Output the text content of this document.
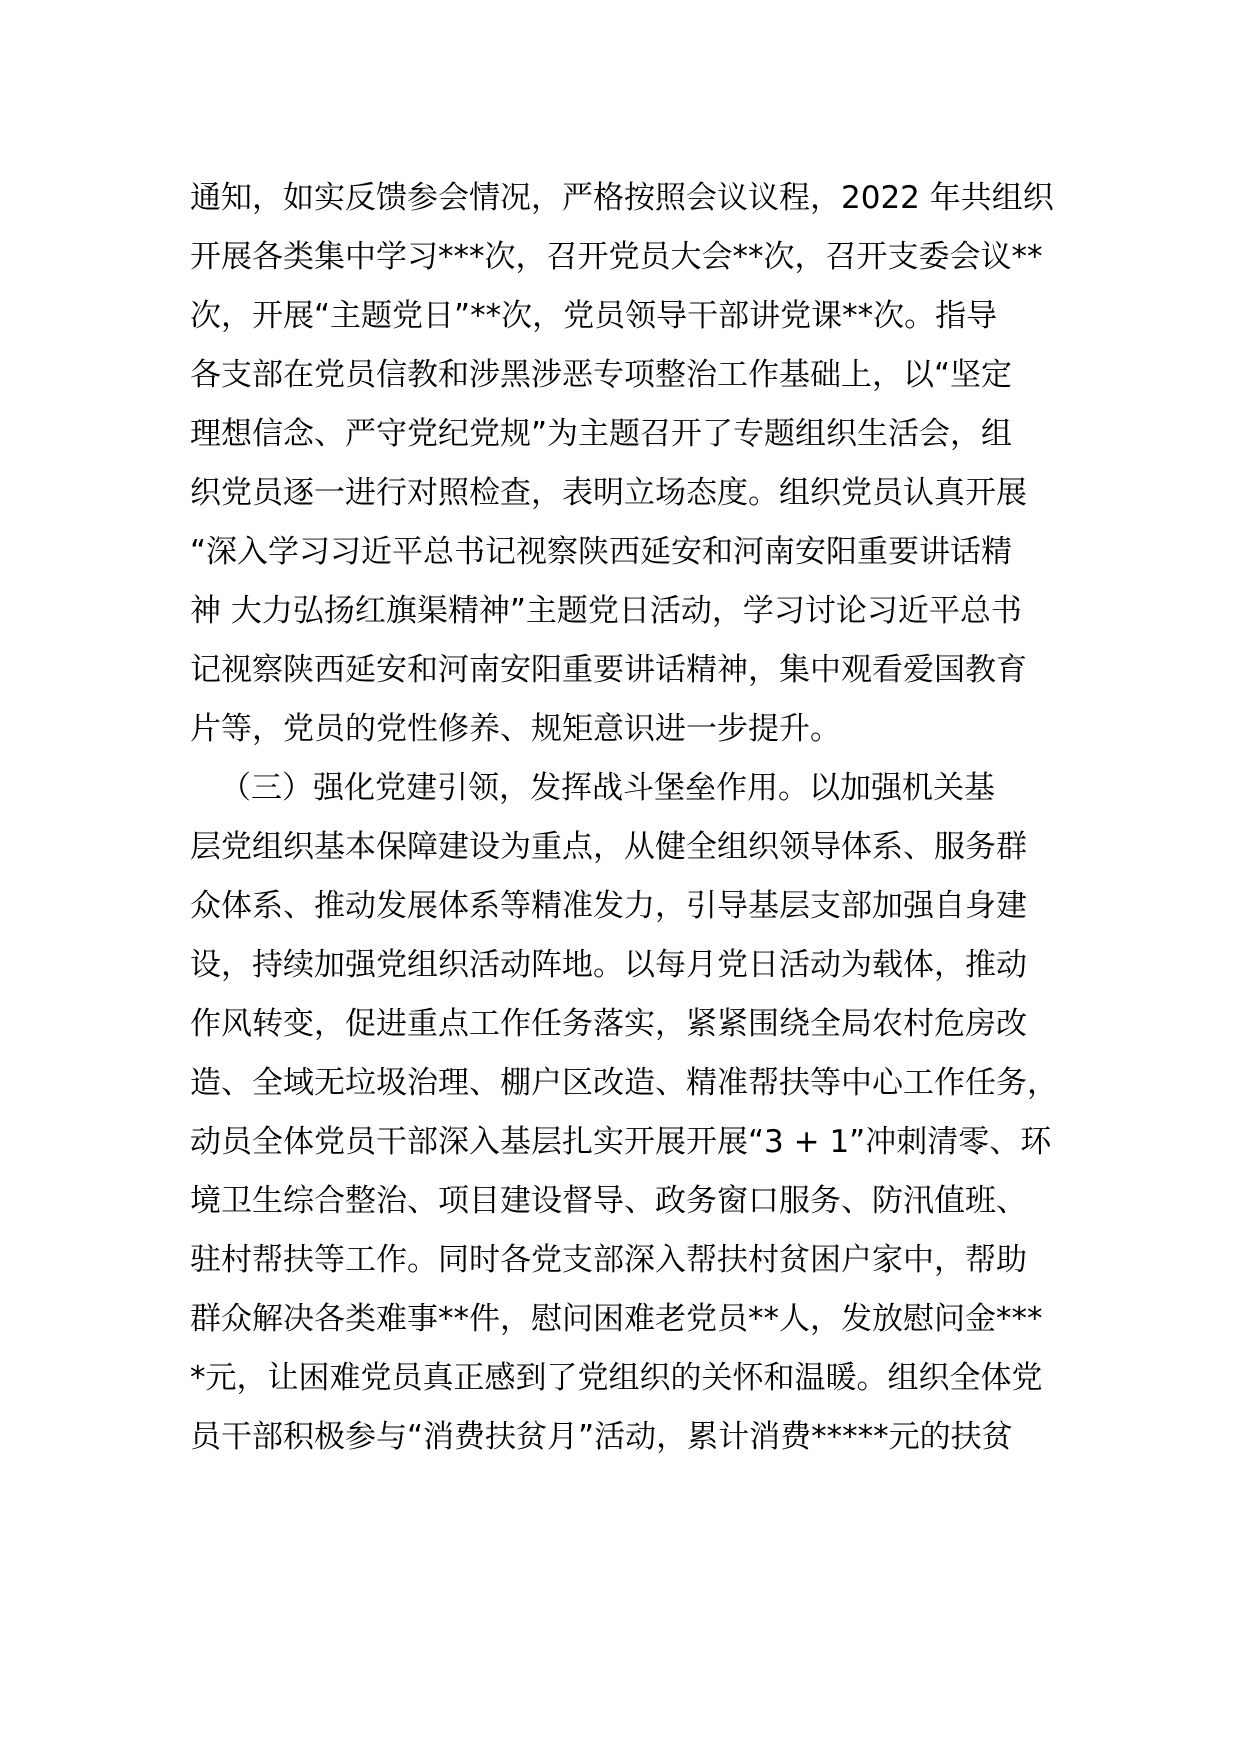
通知，如实反馈参会情况，严格按照会议议程，2022 年共组织
开展各类集中学习***次，召开党员大会**次，召开支委会议**
次，开展“主题党日”**次，党员领导干部讲党课**次。指导
各支部在党员信教和涉黑涉恶专项整治工作基础上，以“坚定
理想信念、严守党纪党规”为主题召开了专题组织生活会，组
织党员逐一进行对照检查，表明立场态度。组织党员认真开展
“深入学习习近平总书记视察陕西延安和河南安阳重要讲话精
神 大力弘扬红旗渠精神”主题党日活动，学习讨论习近平总书
记视察陕西延安和河南安阳重要讲话精神，集中观看爱国教育
片等，党员的党性修养、规矩意识进一步提升。
（三）强化党建引领，发挥战斗堡垒作用。以加强机关基
层党组织基本保障建设为重点，从健全组织领导体系、服务群
众体系、推动发展体系等精准发力，引导基层支部加强自身建
设，持续加强党组织活动阵地。以每月党日活动为载体，推动
作风转变，促进重点工作任务落实，紧紧围绕全局农村危房改
造、全域无垃圾治理、棚户区改造、精准帮扶等中心工作任务，
动员全体党员干部深入基层扎实开展开展“3 + 1”冲刺清零、环
境卫生综合整治、项目建设督导、政务窗口服务、防汛值班、
驻村帮扶等工作。同时各党支部深入帮扶村贫困户家中，帮助
群众解决各类难事**件，慰问困难老党员**人，发放慰问金***
*元，让困难党员真正感到了党组织的关怀和温暖。组织全体党
员干部积极参与“消费扶贫月”活动，累计消费*****元的扶贫
